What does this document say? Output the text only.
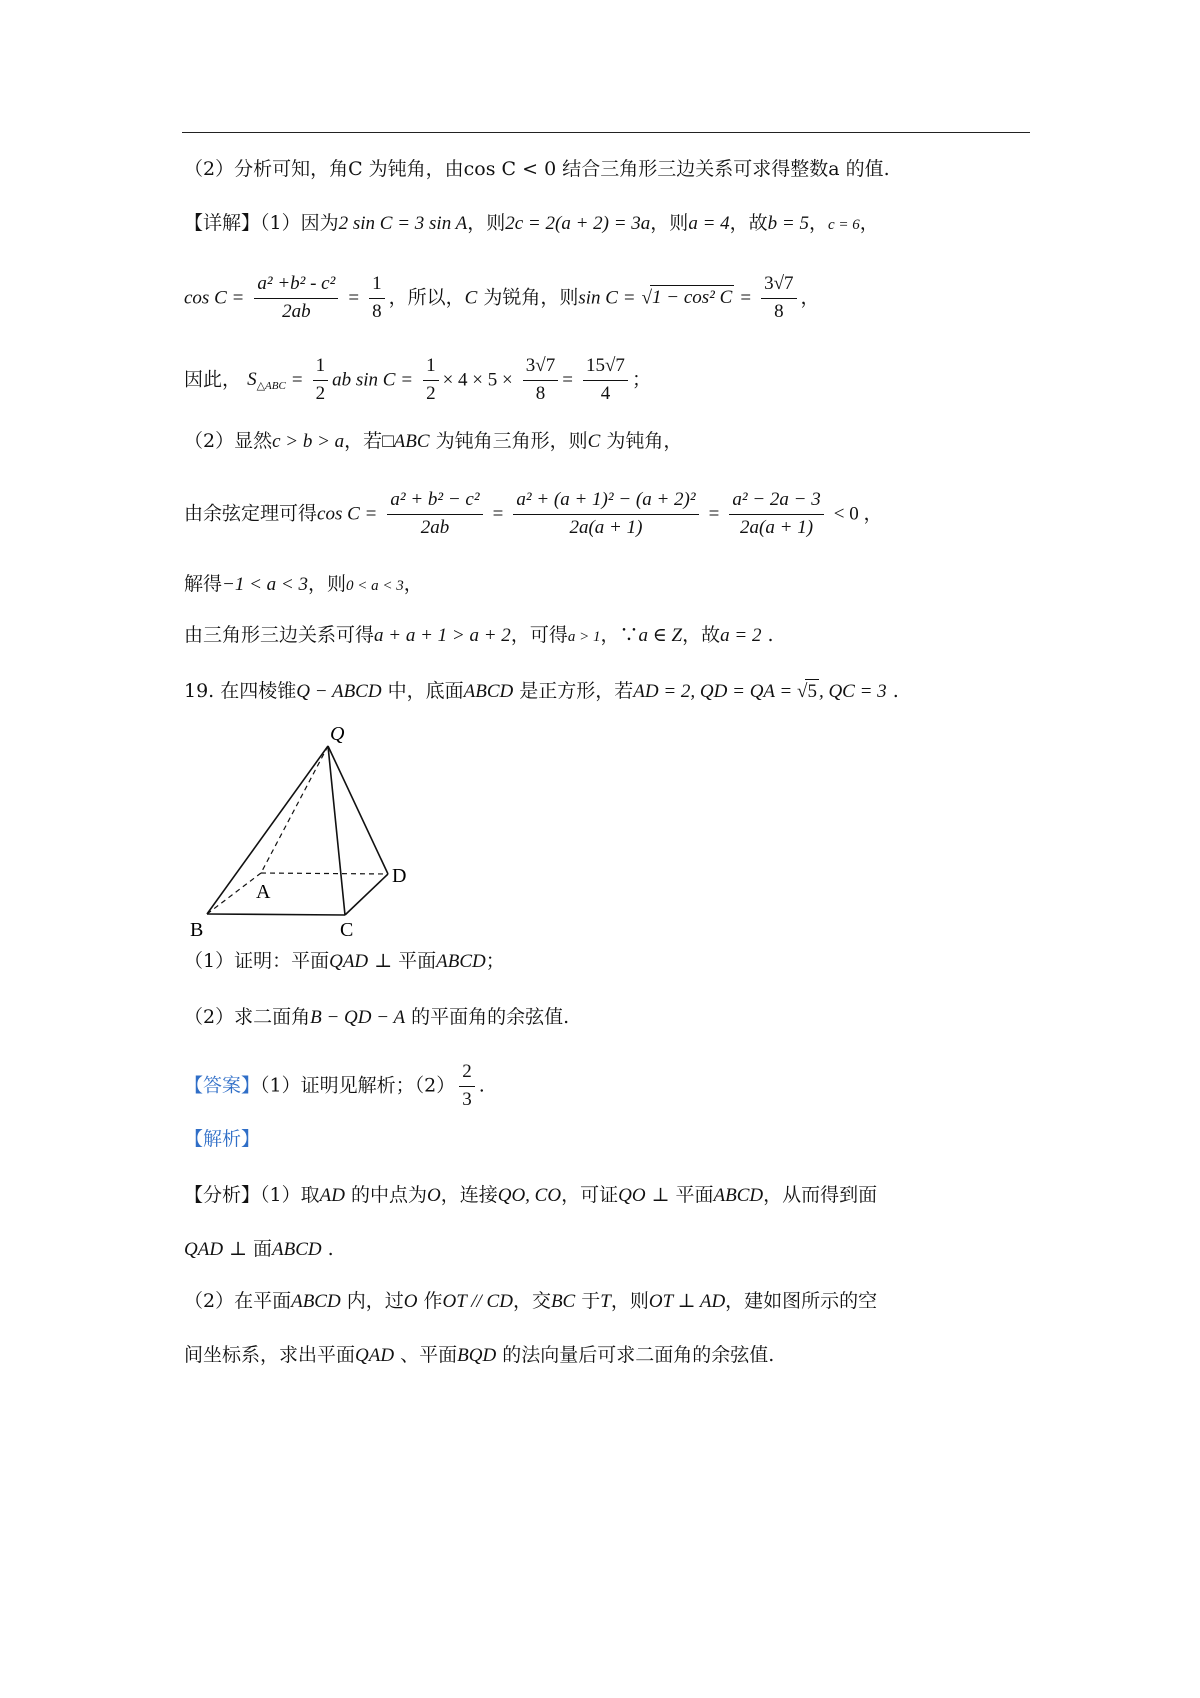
（2）分析可知，角C 为钝角，由cos C < 0 结合三角形三边关系可求得整数a 的值.
【详解】（1）因为2 sin C = 3 sin A，则2c = 2(a + 2) = 3a，则a = 4，故b = 5，c = 6，
$\cos C = \frac{\text{a² +b² - c²}}{2ab} = \frac{1}{8}$ ，所以，C 为锐角，则sin C = √1 − cos² $C = \frac{3√7}{8}$ ，
因此， $S_{\triangle ABC} = \frac{1}{2}$ ab $\sin C = \frac{1}{2} \times 4 \times 5 \times \frac{3√7}{8} = \frac{15√7}{4}$ ；
（2）显然c > b > a，若□ABC 为钝角三角形，则C 为钝角，
由余弦定理可得$\cos C = \frac{\text{a² + b² − c²}}{2ab} = \frac{\text{a² + (a + 1)² − (a + 2)²}}{2a(a + 1)} = \frac{\text{a² − 2a − 3}}{2a(a + 1)} < 0$ ，
解得−1 < a < 3，则0 < a < 3，
由三角形三边关系可得a + a + 1 > a + 2，可得a > 1，∵a ∈ Z，故a = 2 .
19. 在四棱锥Q − ABCD 中，底面ABCD 是正方形，若AD = 2, QD = QA = √5 , QC = 3 .
Q
A
B	C
D
（1）证明：平面QAD ⊥ 平面ABCD；
（2）求二面角B − QD − A 的平面角的余弦值.
【答案】（1）证明见解析；$(2) \frac{2}{3}$ .
【解析】
【分析】（1）取AD 的中点为O，连接QO, CO，可证QO ⊥ 平面ABCD，从而得到面
QAD ⊥ 面ABCD .
（2）在平面ABCD 内，过O 作OT // CD，交BC 于T，则OT ⊥ AD，建如图所示的空
间坐标系，求出平面QAD 、平面BQD 的法向量后可求二面角的余弦值.
